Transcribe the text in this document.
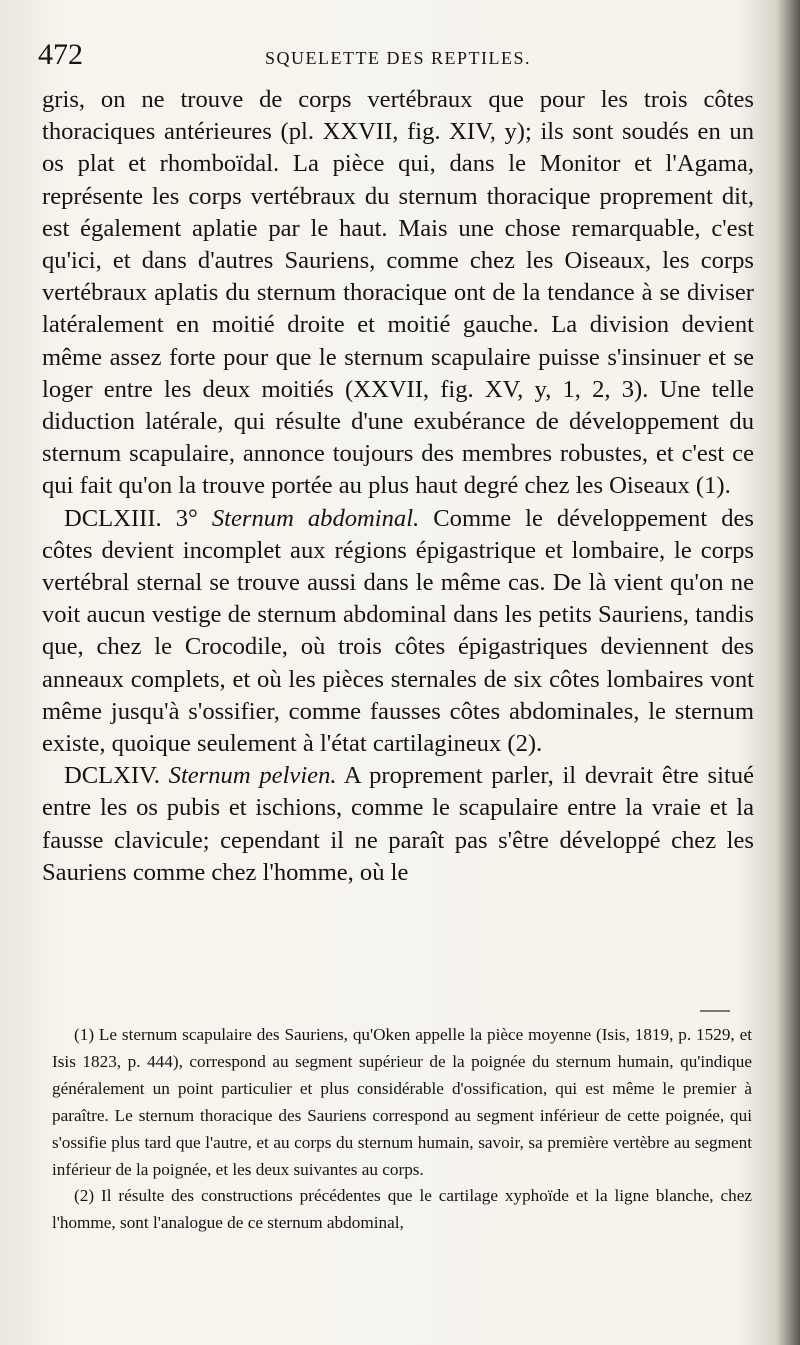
472	SQUELETTE DES REPTILES.

gris, on ne trouve de corps vertébraux que pour les trois côtes thoraciques antérieures (pl. XXVII, fig. XIV, y); ils sont soudés en un os plat et rhomboïdal. La pièce qui, dans le Monitor et l'Agama, représente les corps vertébraux du sternum thoracique proprement dit, est également aplatie par le haut. Mais une chose remarquable, c'est qu'ici, et dans d'autres Sauriens, comme chez les Oiseaux, les corps vertébraux aplatis du sternum thoracique ont de la tendance à se diviser latéralement en moitié droite et moitié gauche. La division devient même assez forte pour que le sternum scapulaire puisse s'insinuer et se loger entre les deux moitiés (XXVII, fig. XV, y, 1, 2, 3). Une telle diduction latérale, qui résulte d'une exubérance de développement du sternum scapulaire, annonce toujours des membres robustes, et c'est ce qui fait qu'on la trouve portée au plus haut degré chez les Oiseaux (1).

DCLXIII. 3° Sternum abdominal. Comme le développement des côtes devient incomplet aux régions épigastrique et lombaire, le corps vertébral sternal se trouve aussi dans le même cas. De là vient qu'on ne voit aucun vestige de sternum abdominal dans les petits Sauriens, tandis que, chez le Crocodile, où trois côtes épigastriques deviennent des anneaux complets, et où les pièces sternales de six côtes lombaires vont même jusqu'à s'ossifier, comme fausses côtes abdominales, le sternum existe, quoique seulement à l'état cartilagineux (2).

DCLXIV. Sternum pelvien. A proprement parler, il devrait être situé entre les os pubis et ischions, comme le scapulaire entre la vraie et la fausse clavicule; cependant il ne paraît pas s'être développé chez les Sauriens comme chez l'homme, où le

(1) Le sternum scapulaire des Sauriens, qu'Oken appelle la pièce moyenne (Isis, 1819, p. 1529, et Isis 1823, p. 444), correspond au segment supérieur de la poignée du sternum humain, qu'indique généralement un point particulier et plus considérable d'ossification, qui est même le premier à paraître. Le sternum thoracique des Sauriens correspond au segment inférieur de cette poignée, qui s'ossifie plus tard que l'autre, et au corps du sternum humain, savoir, sa première vertèbre au segment inférieur de la poignée, et les deux suivantes au corps.

(2) Il résulte des constructions précédentes que le cartilage xyphoïde et la ligne blanche, chez l'homme, sont l'analogue de ce sternum abdominal,
